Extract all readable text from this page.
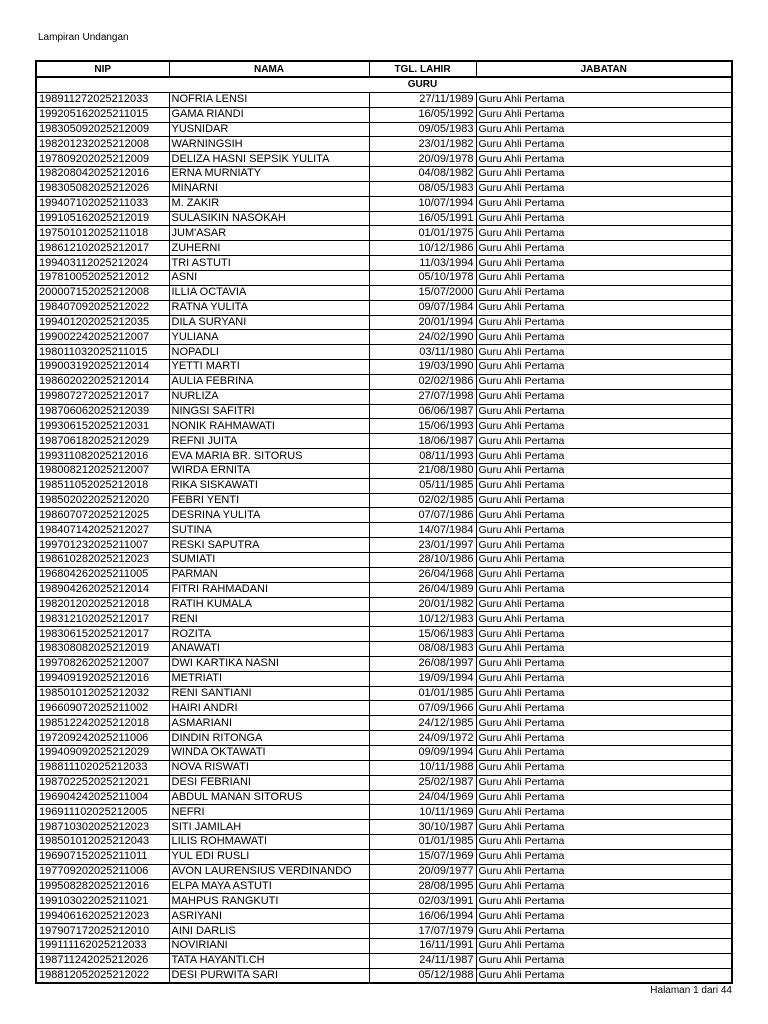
Lampiran Undangan
NIP	NAMA	TGL. LAHIR	JABATAN
		GURU	
198911272025212033	NOFRIA LENSI	27/11/1989	Guru Ahli Pertama
199205162025211015	GAMA RIANDI	16/05/1992	Guru Ahli Pertama
198305092025212009	YUSNIDAR	09/05/1983	Guru Ahli Pertama
198201232025212008	WARNINGSIH	23/01/1982	Guru Ahli Pertama
197809202025212009	DELIZA HASNI SEPSIK YULITA	20/09/1978	Guru Ahli Pertama
198208042025212016	ERNA MURNIATY	04/08/1982	Guru Ahli Pertama
198305082025212026	MINARNI	08/05/1983	Guru Ahli Pertama
199407102025211033	M. ZAKIR	10/07/1994	Guru Ahli Pertama
199105162025212019	SULASIKIN NASOKAH	16/05/1991	Guru Ahli Pertama
197501012025211018	JUM'ASAR	01/01/1975	Guru Ahli Pertama
198612102025212017	ZUHERNI	10/12/1986	Guru Ahli Pertama
199403112025212024	TRI ASTUTI	11/03/1994	Guru Ahli Pertama
197810052025212012	ASNI	05/10/1978	Guru Ahli Pertama
200007152025212008	ILLIA OCTAVIA	15/07/2000	Guru Ahli Pertama
198407092025212022	RATNA YULITA	09/07/1984	Guru Ahli Pertama
199401202025212035	DILA SURYANI	20/01/1994	Guru Ahli Pertama
199002242025212007	YULIANA	24/02/1990	Guru Ahli Pertama
198011032025211015	NOPADLI	03/11/1980	Guru Ahli Pertama
199003192025212014	YETTI MARTI	19/03/1990	Guru Ahli Pertama
198602022025212014	AULIA FEBRINA	02/02/1986	Guru Ahli Pertama
199807272025212017	NURLIZA	27/07/1998	Guru Ahli Pertama
198706062025212039	NINGSI SAFITRI	06/06/1987	Guru Ahli Pertama
199306152025212031	NONIK RAHMAWATI	15/06/1993	Guru Ahli Pertama
198706182025212029	REFNI JUITA	18/06/1987	Guru Ahli Pertama
199311082025212016	EVA MARIA BR. SITORUS	08/11/1993	Guru Ahli Pertama
198008212025212007	WIRDA ERNITA	21/08/1980	Guru Ahli Pertama
198511052025212018	RIKA SISKAWATI	05/11/1985	Guru Ahli Pertama
198502022025212020	FEBRI YENTI	02/02/1985	Guru Ahli Pertama
198607072025212025	DESRINA YULITA	07/07/1986	Guru Ahli Pertama
198407142025212027	SUTINA	14/07/1984	Guru Ahli Pertama
199701232025211007	RESKI SAPUTRA	23/01/1997	Guru Ahli Pertama
198610282025212023	SUMIATI	28/10/1986	Guru Ahli Pertama
196804262025211005	PARMAN	26/04/1968	Guru Ahli Pertama
198904262025212014	FITRI RAHMADANI	26/04/1989	Guru Ahli Pertama
198201202025212018	RATIH KUMALA	20/01/1982	Guru Ahli Pertama
198312102025212017	RENI	10/12/1983	Guru Ahli Pertama
198306152025212017	ROZITA	15/06/1983	Guru Ahli Pertama
198308082025212019	ANAWATI	08/08/1983	Guru Ahli Pertama
199708262025212007	DWI KARTIKA NASNI	26/08/1997	Guru Ahli Pertama
199409192025212016	METRIATI	19/09/1994	Guru Ahli Pertama
198501012025212032	RENI SANTIANI	01/01/1985	Guru Ahli Pertama
196609072025211002	HAIRI ANDRI	07/09/1966	Guru Ahli Pertama
198512242025212018	ASMARIANI	24/12/1985	Guru Ahli Pertama
197209242025211006	DINDIN RITONGA	24/09/1972	Guru Ahli Pertama
199409092025212029	WINDA OKTAWATI	09/09/1994	Guru Ahli Pertama
198811102025212033	NOVA RISWATI	10/11/1988	Guru Ahli Pertama
198702252025212021	DESI FEBRIANI	25/02/1987	Guru Ahli Pertama
196904242025211004	ABDUL MANAN SITORUS	24/04/1969	Guru Ahli Pertama
196911102025212005	NEFRI	10/11/1969	Guru Ahli Pertama
198710302025212023	SITI JAMILAH	30/10/1987	Guru Ahli Pertama
198501012025212043	LILIS ROHMAWATI	01/01/1985	Guru Ahli Pertama
196907152025211011	YUL EDI RUSLI	15/07/1969	Guru Ahli Pertama
197709202025211006	AVON LAURENSIUS VERDINANDO	20/09/1977	Guru Ahli Pertama
199508282025212016	ELPA MAYA ASTUTI	28/08/1995	Guru Ahli Pertama
199103022025211021	MAHPUS RANGKUTI	02/03/1991	Guru Ahli Pertama
199406162025212023	ASRIYANI	16/06/1994	Guru Ahli Pertama
197907172025212010	AINI DARLIS	17/07/1979	Guru Ahli Pertama
199111162025212033	NOVIRIANI	16/11/1991	Guru Ahli Pertama
198711242025212026	TATA HAYANTI.CH	24/11/1987	Guru Ahli Pertama
198812052025212022	DESI PURWITA SARI	05/12/1988	Guru Ahli Pertama
Halaman 1 dari 44
